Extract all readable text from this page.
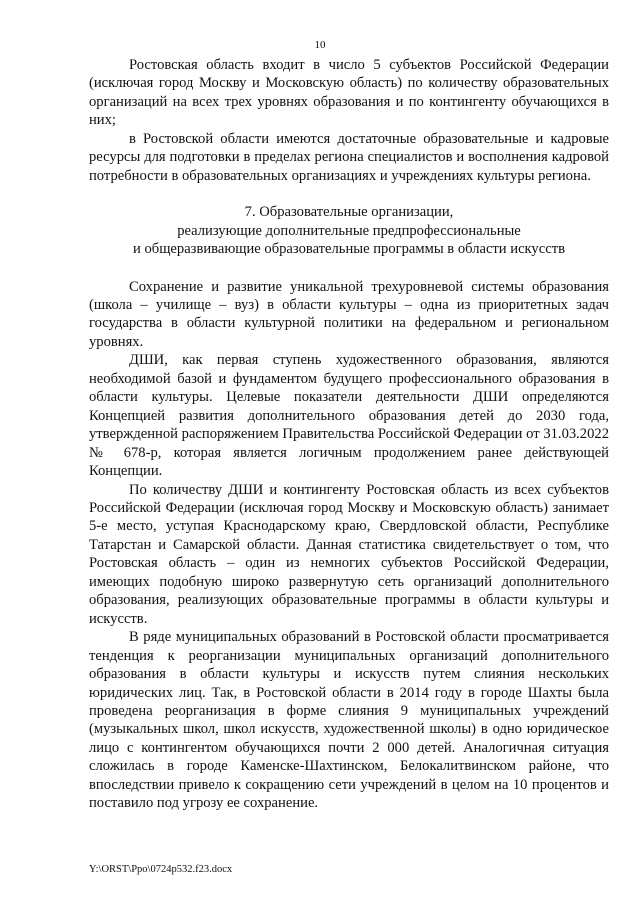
10

Ростовская область входит в число 5 субъектов Российской Федерации (исключая город Москву и Московскую область) по количеству образовательных организаций на всех трех уровнях образования и по контингенту обучающихся в них;

в Ростовской области имеются достаточные образовательные и кадровые ресурсы для подготовки в пределах региона специалистов и восполнения кадровой потребности в образовательных организациях и учреждениях культуры региона.

7. Образовательные организации,
реализующие дополнительные предпрофессиональные
и общеразвивающие образовательные программы в области искусств

Сохранение и развитие уникальной трехуровневой системы образования (школа – училище – вуз) в области культуры – одна из приоритетных задач государства в области культурной политики на федеральном и региональном уровнях.

ДШИ, как первая ступень художественного образования, являются необходимой базой и фундаментом будущего профессионального образования в области культуры. Целевые показатели деятельности ДШИ определяются Концепцией развития дополнительного образования детей до 2030 года, утвержденной распоряжением Правительства Российской Федерации от 31.03.2022 № 678-р, которая является логичным продолжением ранее действующей Концепции.

По количеству ДШИ и контингенту Ростовская область из всех субъектов Российской Федерации (исключая город Москву и Московскую область) занимает 5-е место, уступая Краснодарскому краю, Свердловской области, Республике Татарстан и Самарской области. Данная статистика свидетельствует о том, что Ростовская область – один из немногих субъектов Российской Федерации, имеющих подобную широко развернутую сеть организаций дополнительного образования, реализующих образовательные программы в области культуры и искусств.

В ряде муниципальных образований в Ростовской области просматривается тенденция к реорганизации муниципальных организаций дополнительного образования в области культуры и искусств путем слияния нескольких юридических лиц. Так, в Ростовской области в 2014 году в городе Шахты была проведена реорганизация в форме слияния 9 муниципальных учреждений (музыкальных школ, школ искусств, художественной школы) в одно юридическое лицо с контингентом обучающихся почти 2 000 детей. Аналогичная ситуация сложилась в городе Каменске-Шахтинском, Белокалитвинском районе, что впоследствии привело к сокращению сети учреждений в целом на 10 процентов и поставило под угрозу ее сохранение.

Y:\ORST\Ppo\0724p532.f23.docx
